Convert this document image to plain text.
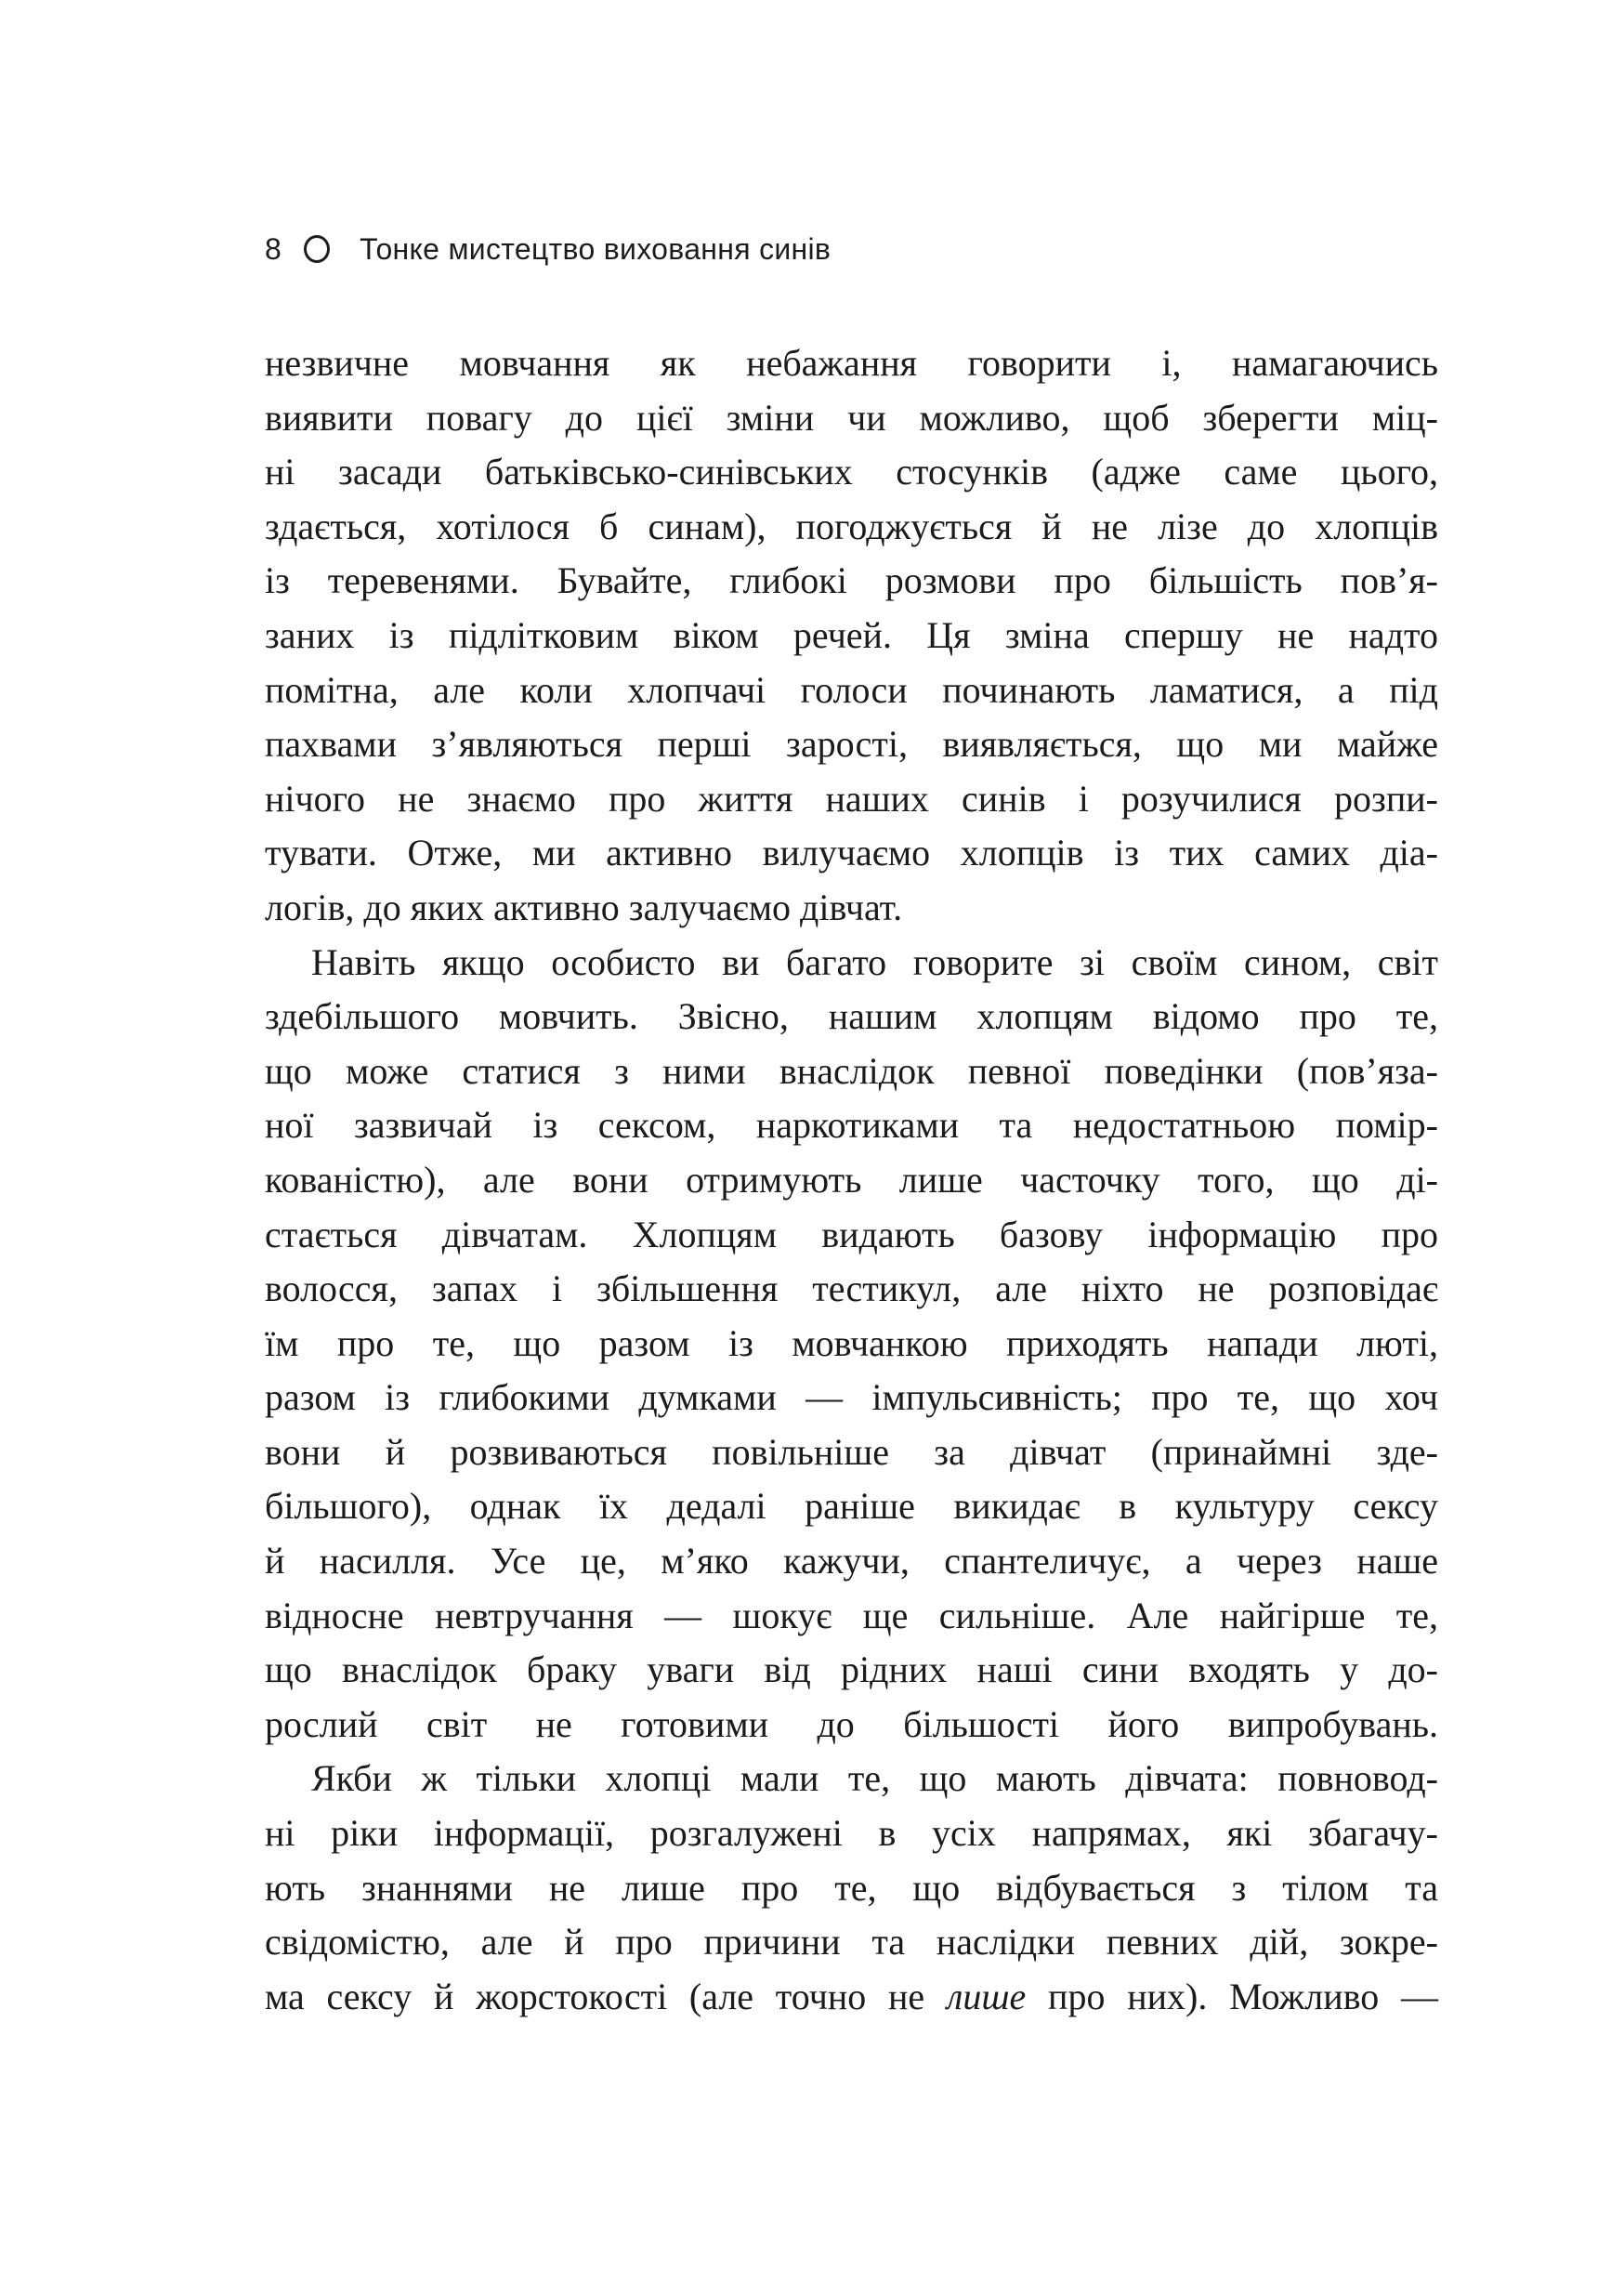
8	Тонке мистецтво виховання синів
незвичне мовчання як небажання говорити і, намагаючись
виявити повагу до цієї зміни чи можливо, щоб зберегти міц-
ні засади батьківсько-синівських стосунків (адже саме цього,
здається, хотілося б синам), погоджується й не лізе до хлопців
із теревенями. Бувайте, глибокі розмови про більшість пов’я-
заних із підлітковим віком речей. Ця зміна спершу не надто
помітна, але коли хлопчачі голоси починають ламатися, а під
пахвами з’являються перші зарості, виявляється, що ми майже
нічого не знаємо про життя наших синів і розучилися розпи-
тувати. Отже, ми активно вилучаємо хлопців із тих самих діа-
логів, до яких активно залучаємо дівчат.
Навіть якщо особисто ви багато говорите зі своїм сином, світ
здебільшого мовчить. Звісно, нашим хлопцям відомо про те,
що може статися з ними внаслідок певної поведінки (пов’яза-
ної зазвичай із сексом, наркотиками та недостатньою помір-
кованістю), але вони отримують лише часточку того, що ді-
стається дівчатам. Хлопцям видають базову інформацію про
волосся, запах і збільшення тестикул, але ніхто не розповідає
їм про те, що разом із мовчанкою приходять напади люті,
разом із глибокими думками — імпульсивність; про те, що хоч
вони й розвиваються повільніше за дівчат (принаймні зде-
більшого), однак їх дедалі раніше викидає в культуру сексу
й насилля. Усе це, м’яко кажучи, спантеличує, а через наше
відносне невтручання — шокує ще сильніше. Але найгірше те,
що внаслідок браку уваги від рідних наші сини входять у до-
рослий світ не готовими до більшості його випробувань.
Якби ж тільки хлопці мали те, що мають дівчата: повновод-
ні ріки інформації, розгалужені в усіх напрямах, які збагачу-
ють знаннями не лише про те, що відбувається з тілом та
свідомістю, але й про причини та наслідки певних дій, зокре-
ма сексу й жорстокості (але точно не лише про них). Можливо —
